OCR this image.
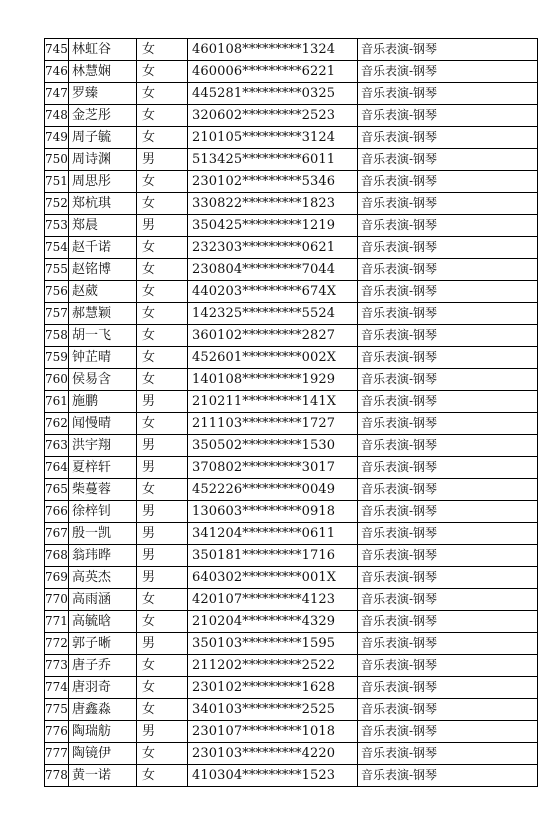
745	林虹谷	女	460108*********1324	音乐表演-钢琴
746	林慧娴	女	460006*********6221	音乐表演-钢琴
747	罗臻	女	445281*********0325	音乐表演-钢琴
748	金芝彤	女	320602*********2523	音乐表演-钢琴
749	周子毓	女	210105*********3124	音乐表演-钢琴
750	周诗渊	男	513425*********6011	音乐表演-钢琴
751	周思彤	女	230102*********5346	音乐表演-钢琴
752	郑杭琪	女	330822*********1823	音乐表演-钢琴
753	郑晨	男	350425*********1219	音乐表演-钢琴
754	赵千诺	女	232303*********0621	音乐表演-钢琴
755	赵铭博	女	230804*********7044	音乐表演-钢琴
756	赵葳	女	440203*********674X	音乐表演-钢琴
757	郝慧颖	女	142325*********5524	音乐表演-钢琴
758	胡一飞	女	360102*********2827	音乐表演-钢琴
759	钟芷晴	女	452601*********002X	音乐表演-钢琴
760	侯易含	女	140108*********1929	音乐表演-钢琴
761	施鹏	男	210211*********141X	音乐表演-钢琴
762	闻慢晴	女	211103*********1727	音乐表演-钢琴
763	洪宇翔	男	350502*********1530	音乐表演-钢琴
764	夏梓轩	男	370802*********3017	音乐表演-钢琴
765	柴蔓蓉	女	452226*********0049	音乐表演-钢琴
766	徐梓钊	男	130603*********0918	音乐表演-钢琴
767	殷一凯	男	341204*********0611	音乐表演-钢琴
768	翁玮晔	男	350181*********1716	音乐表演-钢琴
769	高英杰	男	640302*********001X	音乐表演-钢琴
770	高雨涵	女	420107*********4123	音乐表演-钢琴
771	高毓晗	女	210204*********4329	音乐表演-钢琴
772	郭子晰	男	350103*********1595	音乐表演-钢琴
773	唐子乔	女	211202*********2522	音乐表演-钢琴
774	唐羽奇	女	230102*********1628	音乐表演-钢琴
775	唐鑫淼	女	340103*********2525	音乐表演-钢琴
776	陶瑞舫	男	230107*********1018	音乐表演-钢琴
777	陶镜伊	女	230103*********4220	音乐表演-钢琴
778	黄一诺	女	410304*********1523	音乐表演-钢琴
